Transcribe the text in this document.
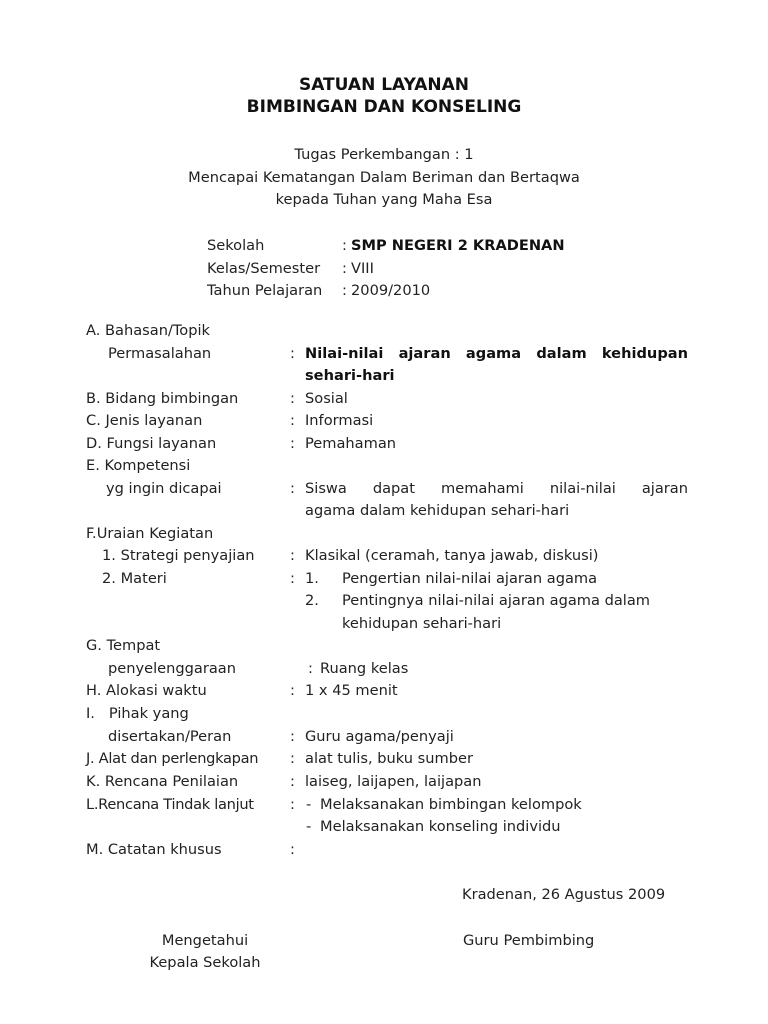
SATUAN LAYANAN
BIMBINGAN DAN KONSELING
Tugas Perkembangan : 1
Mencapai Kematangan Dalam Beriman dan Bertaqwa
kepada Tuhan yang Maha Esa
Sekolah	: SMP NEGERI 2 KRADENAN
Kelas/Semester : VIII
Tahun Pelajaran : 2009/2010
A. Bahasan/Topik
Permasalahan	: Nilai-nilai ajaran agama dalam kehidupan
sehari-hari
B. Bidang bimbingan	: Sosial
C. Jenis layanan	: Informasi
D. Fungsi layanan	: Pemahaman
E. Kompetensi
yg ingin dicapai	: Siswa dapat memahami nilai-nilai ajaran
agama dalam kehidupan sehari-hari
F.Uraian Kegiatan
1. Strategi penyajian : Klasikal (ceramah, tanya jawab, diskusi)
2. Materi	: 1. Pengertian nilai-nilai ajaran agama
2. Pentingnya nilai-nilai ajaran agama dalam
kehidupan sehari-hari
G. Tempat
penyelenggaraan	: Ruang kelas
H. Alokasi waktu	: 1 x 45 menit
I.   Pihak yang
disertakan/Peran	: Guru agama/penyaji
J. Alat dan perlengkapan : alat tulis, buku sumber
K. Rencana Penilaian	: laiseg, laijapen, laijapan
L.Rencana Tindak lanjut : - Melaksanakan bimbingan kelompok
- Melaksanakan konseling individu
M. Catatan khusus	:
Kradenan, 26 Agustus 2009
Mengetahui
Kepala Sekolah
Guru Pembimbing
